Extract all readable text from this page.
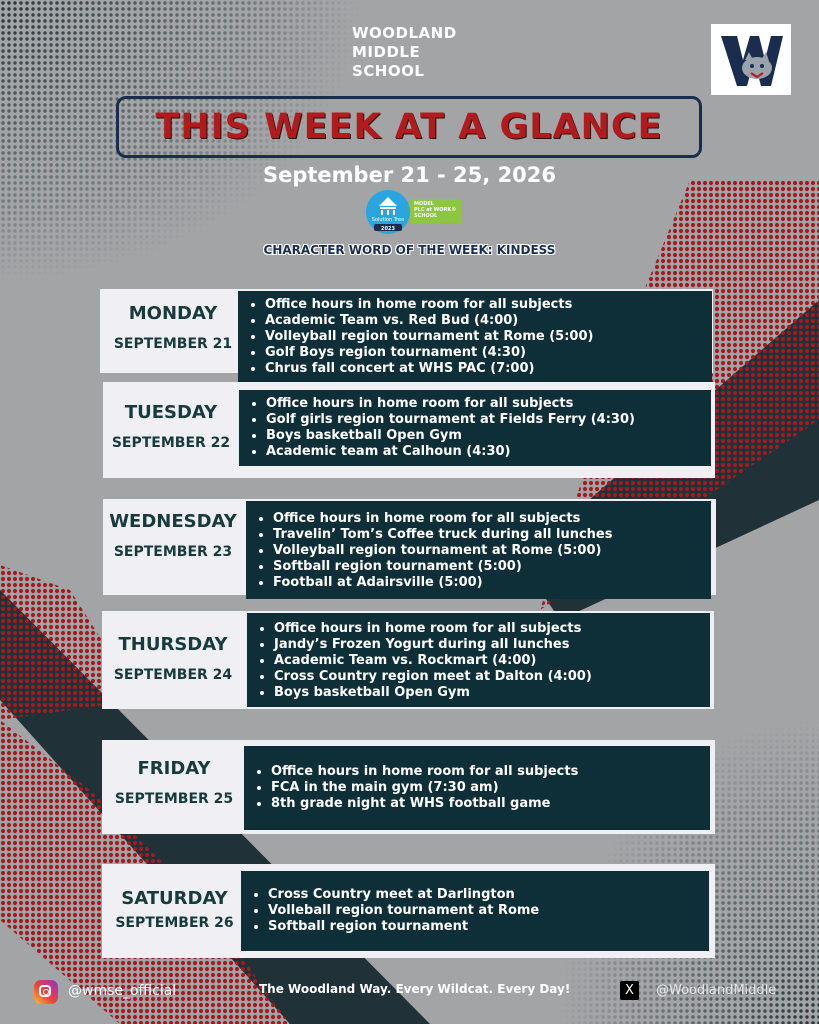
WOODLAND
MIDDLE
SCHOOL
THIS WEEK AT A GLANCE
September 21 - 25, 2026
Solution Tree
2023
MODEL
PLC at WORK®
SCHOOL
CHARACTER WORD OF THE WEEK: KINDESS
MONDAY
SEPTEMBER 21
• Office hours in home room for all subjects
• Academic Team vs. Red Bud (4:00)
• Volleyball region tournament at Rome (5:00)
• Golf Boys region tournament (4:30)
• Chrus fall concert at WHS PAC (7:00)
TUESDAY
SEPTEMBER 22
• Office hours in home room for all subjects
• Golf girls region tournament at Fields Ferry (4:30)
• Boys basketball Open Gym
• Academic team at Calhoun (4:30)
WEDNESDAY
SEPTEMBER 23
• Office hours in home room for all subjects
• Travelin’ Tom’s Coffee truck during all lunches
• Volleyball region tournament at Rome (5:00)
• Softball region tournament (5:00)
• Football at Adairsville (5:00)
THURSDAY
SEPTEMBER 24
• Office hours in home room for all subjects
• Jandy’s Frozen Yogurt during all lunches
• Academic Team vs. Rockmart (4:00)
• Cross Country region meet at Dalton (4:00)
• Boys basketball Open Gym
FRIDAY
SEPTEMBER 25
• Office hours in home room for all subjects
• FCA in the main gym (7:30 am)
• 8th grade night at WHS football game
SATURDAY
SEPTEMBER 26
• Cross Country meet at Darlington
• Volleball region tournament at Rome
• Softball region tournament
@wmse_official	The Woodland Way. Every Wildcat. Every Day!	X	@WoodlandMiddle
